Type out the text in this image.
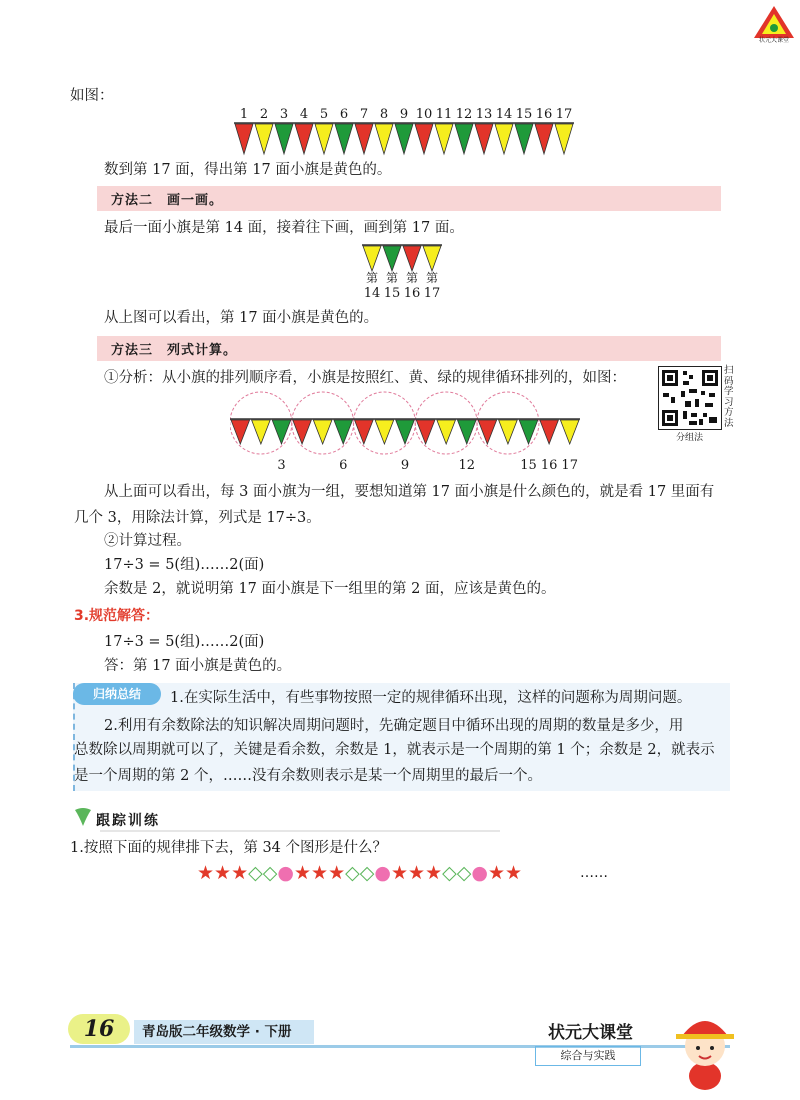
状元大课堂
如图：
1 2 3 4 5 6 7 8 9 10 11 12 13 14 15 16 17
数到第 17 面，得出第 17 面小旗是黄色的。
方法二　画一画。
最后一面小旗是第 14 面，接着往下画，画到第 17 面。
第 第 第 第
14 15 16 17
从上图可以看出，第 17 面小旗是黄色的。
方法三　列式计算。
①分析：从小旗的排列顺序看，小旗是按照红、黄、绿的规律循环排列的，如图：	扫码学习方法
分组法
3	6	9	12	15 16 17
从上面可以看出，每 3 面小旗为一组，要想知道第 17 面小旗是什么颜色的，就是看 17 里面有
几个 3，用除法计算，列式是 17÷3。
②计算过程。
17÷3 = 5(组)……2(面)
余数是 2，就说明第 17 面小旗是下一组里的第 2 面，应该是黄色的。
3.规范解答：
17÷3 = 5(组)……2(面)
答：第 17 面小旗是黄色的。
归纳总结	1.在实际生活中，有些事物按照一定的规律循环出现，这样的问题称为周期问题。
2.利用有余数除法的知识解决周期问题时，先确定题目中循环出现的周期的数量是多少，用
总数除以周期就可以了，关键是看余数，余数是 1，就表示是一个周期的第 1 个；余数是 2，就表示
是一个周期的第 2 个，……没有余数则表示是某一个周期里的最后一个。
跟踪训练
1.按照下面的规律排下去，第 34 个图形是什么？
★★★◇◇●★★★◇◇●★★★◇◇●★★	……
16	青岛版二年级数学 · 下册	状元大课堂
综合与实践
